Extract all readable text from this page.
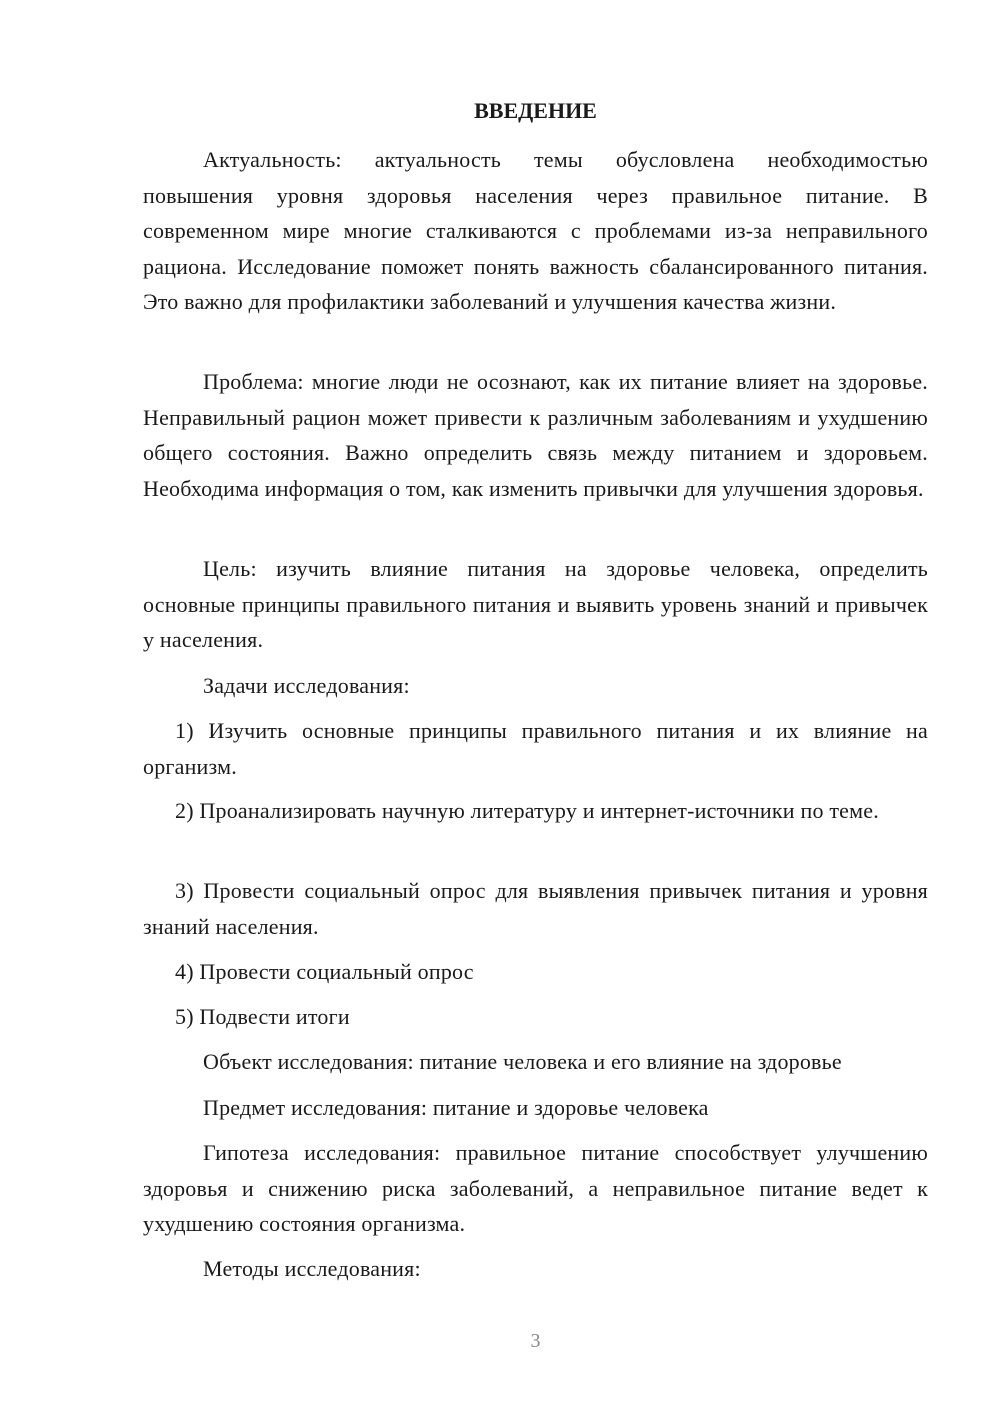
ВВЕДЕНИЕ

Актуальность: актуальность темы обусловлена необходимостью повышения уровня здоровья населения через правильное питание. В современном мире многие сталкиваются с проблемами из-за неправильного рациона. Исследование поможет понять важность сбалансированного питания. Это важно для профилактики заболеваний и улучшения качества жизни.

Проблема: многие люди не осознают, как их питание влияет на здоровье. Неправильный рацион может привести к различным заболеваниям и ухудшению общего состояния. Важно определить связь между питанием и здоровьем. Необходима информация о том, как изменить привычки для улучшения здоровья.

Цель: изучить влияние питания на здоровье человека, определить основные принципы правильного питания и выявить уровень знаний и привычек у населения.

Задачи исследования:

1) Изучить основные принципы правильного питания и их влияние на организм.

2) Проанализировать научную литературу и интернет-источники по теме.

3) Провести социальный опрос для выявления привычек питания и уровня знаний населения.

4) Провести социальный опрос

5) Подвести итоги

Объект исследования: питание человека и его влияние на здоровье

Предмет исследования: питание и здоровье человека

Гипотеза исследования: правильное питание способствует улучшению здоровья и снижению риска заболеваний, а неправильное питание ведет к ухудшению состояния организма.

Методы исследования:

3
